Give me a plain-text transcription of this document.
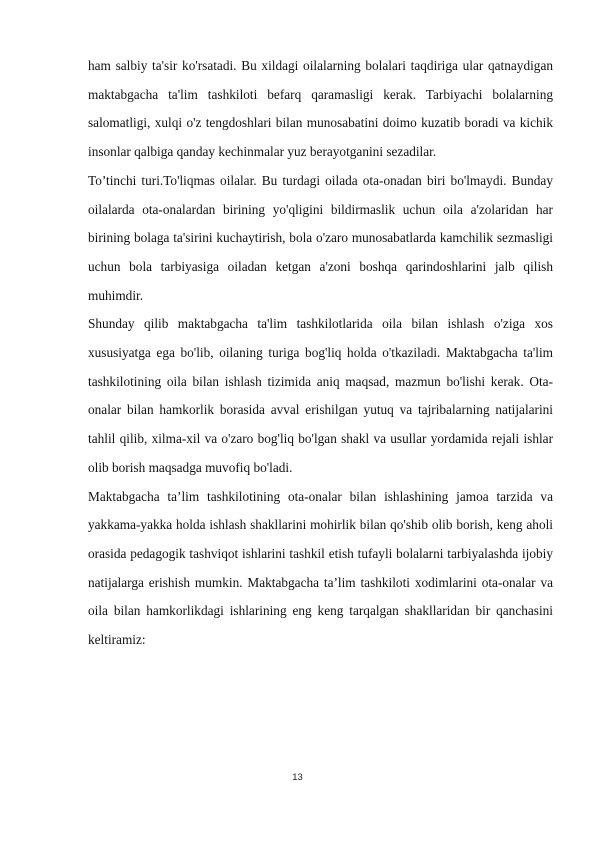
ham salbiy ta'sir ko'rsatadi. Bu xildagi oilalarning bolalari taqdiriga ular qatnaydigan maktabgacha ta'lim tashkiloti befarq qaramasligi kerak. Tarbiyachi bolalarning salomatligi, xulqi o'z tengdoshlari bilan munosabatini doimo kuzatib boradi va kichik insonlar qalbiga qanday kechinmalar yuz berayotganini sezadilar.

To’tinchi turi.To'liqmas oilalar. Bu turdagi oilada ota-onadan biri bo'lmaydi. Bunday oilalarda ota-onalardan birining yo'qligini bildirmaslik uchun oila a'zolaridan har birining bolaga ta'sirini kuchaytirish, bola o'zaro munosabatlarda kamchilik sezmasligi uchun bola tarbiyasiga oiladan ketgan a'zoni boshqa qarindoshlarini jalb qilish muhimdir.

Shunday qilib maktabgacha ta'lim tashkilotlarida oila bilan ishlash o'ziga xos xususiyatga ega bo'lib, oilaning turiga bog'liq holda o'tkaziladi. Maktabgacha ta'lim tashkilotining oila bilan ishlash tizimida aniq maqsad, mazmun bo'lishi kerak. Ota-onalar bilan hamkorlik borasida avval erishilgan yutuq va tajribalarning natijalarini tahlil qilib, xilma-xil va o'zaro bog'liq bo'lgan shakl va usullar yordamida rejali ishlar olib borish maqsadga muvofiq bo'ladi.

Maktabgacha ta’lim tashkilotining ota-onalar bilan ishlashining jamoa tarzida va yakkama-yakka holda ishlash shakllarini mohirlik bilan qo'shib olib borish, keng aholi orasida pedagogik tashviqot ishlarini tashkil etish tufayli bolalarni tarbiyalashda ijobiy natijalarga erishish mumkin. Maktabgacha ta’lim tashkiloti xodimlarini ota-onalar va oila bilan hamkorlikdagi ishlarining eng keng tarqalgan shakllaridan bir qanchasini keltiramiz:

13
